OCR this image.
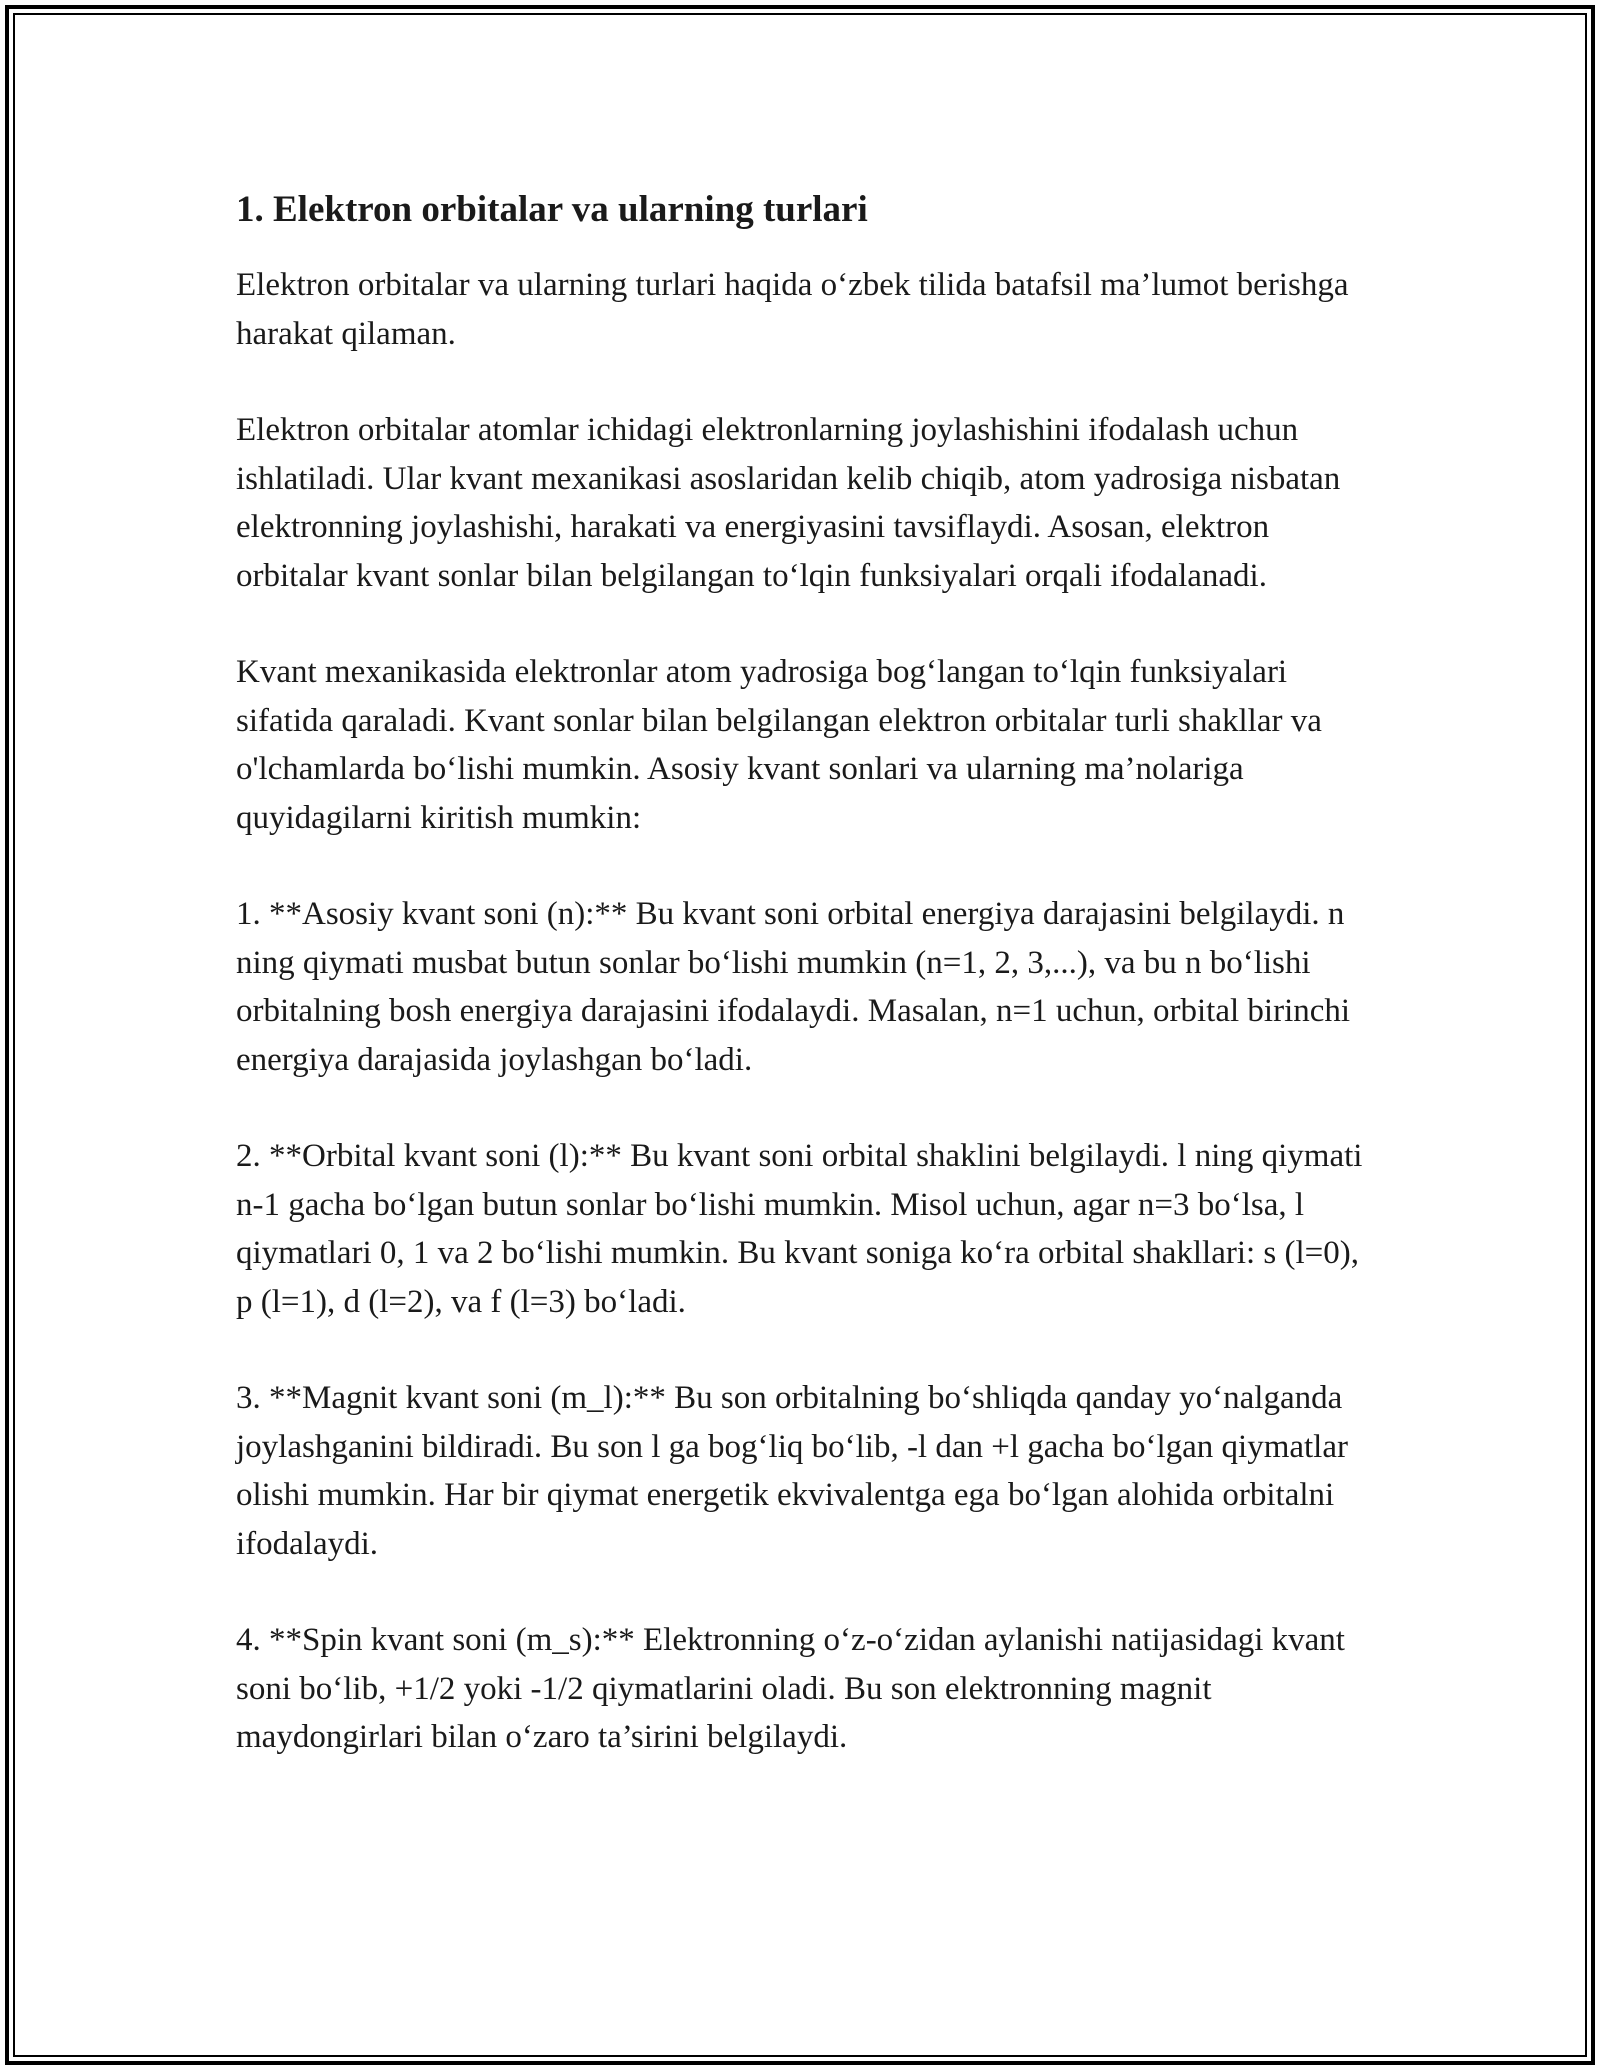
1. Elektron orbitalar va ularning turlari

Elektron orbitalar va ularning turlari haqida o‘zbek tilida batafsil ma’lumot berishga harakat qilaman.

Elektron orbitalar atomlar ichidagi elektronlarning joylashishini ifodalash uchun ishlatiladi. Ular kvant mexanikasi asoslaridan kelib chiqib, atom yadrosiga nisbatan elektronning joylashishi, harakati va energiyasini tavsiflaydi. Asosan, elektron orbitalar kvant sonlar bilan belgilangan to‘lqin funksiyalari orqali ifodalanadi.

Kvant mexanikasida elektronlar atom yadrosiga bog‘langan to‘lqin funksiyalari sifatida qaraladi. Kvant sonlar bilan belgilangan elektron orbitalar turli shakllar va o'lchamlarda bo‘lishi mumkin. Asosiy kvant sonlari va ularning ma’nolariga quyidagilarni kiritish mumkin:

1. **Asosiy kvant soni (n):** Bu kvant soni orbital energiya darajasini belgilaydi. n ning qiymati musbat butun sonlar bo‘lishi mumkin (n=1, 2, 3,...), va bu n bo‘lishi orbitalning bosh energiya darajasini ifodalaydi. Masalan, n=1 uchun, orbital birinchi energiya darajasida joylashgan bo‘ladi.

2. **Orbital kvant soni (l):** Bu kvant soni orbital shaklini belgilaydi. l ning qiymati n-1 gacha bo‘lgan butun sonlar bo‘lishi mumkin. Misol uchun, agar n=3 bo‘lsa, l qiymatlari 0, 1 va 2 bo‘lishi mumkin. Bu kvant soniga ko‘ra orbital shakllari: s (l=0), p (l=1), d (l=2), va f (l=3) bo‘ladi.

3. **Magnit kvant soni (m_l):** Bu son orbitalning bo‘shliqda qanday yo‘nalganda joylashganini bildiradi. Bu son l ga bog‘liq bo‘lib, -l dan +l gacha bo‘lgan qiymatlar olishi mumkin. Har bir qiymat energetik ekvivalentga ega bo‘lgan alohida orbitalni ifodalaydi.

4. **Spin kvant soni (m_s):** Elektronning o‘z-o‘zidan aylanishi natijasidagi kvant soni bo‘lib, +1/2 yoki -1/2 qiymatlarini oladi. Bu son elektronning magnit maydongirlari bilan o‘zaro ta’sirini belgilaydi.
